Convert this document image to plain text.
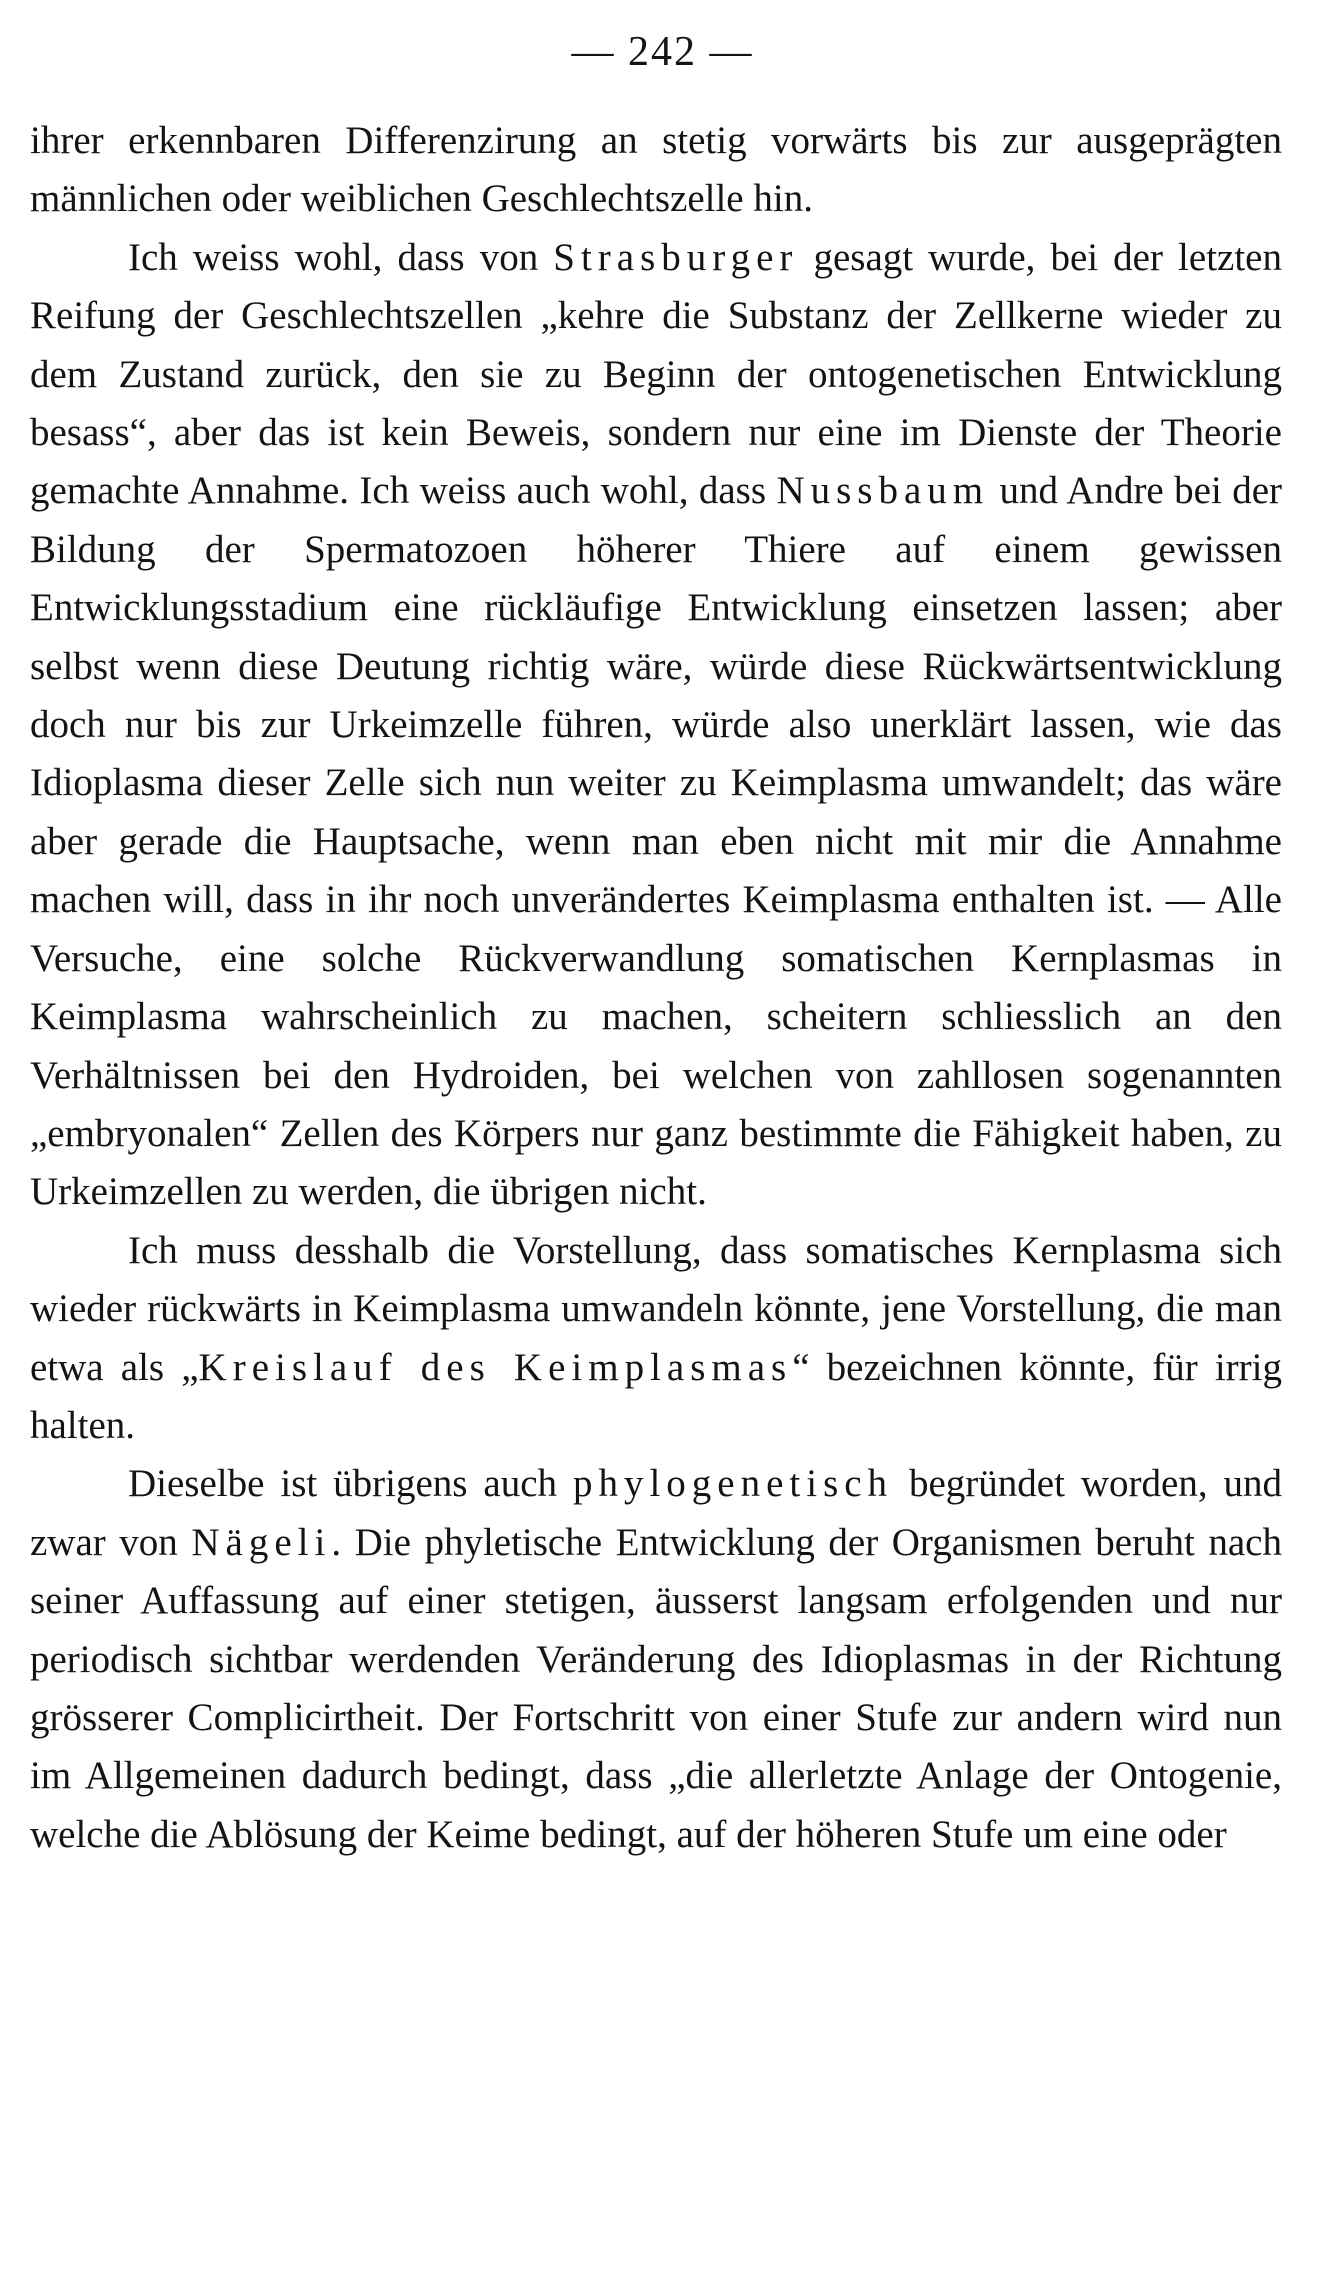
— 242 —

ihrer erkennbaren Differenzirung an stetig vorwärts bis zur ausgeprägten männlichen oder weiblichen Geschlechtszelle hin.

Ich weiss wohl, dass von Strasburger gesagt wurde, bei der letzten Reifung der Geschlechtszellen „kehre die Substanz der Zellkerne wieder zu dem Zustand zurück, den sie zu Beginn der ontogenetischen Entwicklung besass“, aber das ist kein Beweis, sondern nur eine im Dienste der Theorie gemachte Annahme. Ich weiss auch wohl, dass Nussbaum und Andre bei der Bildung der Spermatozoen höherer Thiere auf einem gewissen Entwicklungsstadium eine rückläufige Entwicklung einsetzen lassen; aber selbst wenn diese Deutung richtig wäre, würde diese Rückwärtsentwicklung doch nur bis zur Urkeimzelle führen, würde also unerklärt lassen, wie das Idioplasma dieser Zelle sich nun weiter zu Keimplasma umwandelt; das wäre aber gerade die Hauptsache, wenn man eben nicht mit mir die Annahme machen will, dass in ihr noch unverändertes Keimplasma enthalten ist. — Alle Versuche, eine solche Rückverwandlung somatischen Kernplasmas in Keimplasma wahrscheinlich zu machen, scheitern schliesslich an den Verhältnissen bei den Hydroiden, bei welchen von zahllosen sogenannten „embryonalen“ Zellen des Körpers nur ganz bestimmte die Fähigkeit haben, zu Urkeimzellen zu werden, die übrigen nicht.

Ich muss desshalb die Vorstellung, dass somatisches Kernplasma sich wieder rückwärts in Keimplasma umwandeln könnte, jene Vorstellung, die man etwa als „Kreislauf des Keimplasmas“ bezeichnen könnte, für irrig halten.

Dieselbe ist übrigens auch phylogenetisch begründet worden, und zwar von Nägeli. Die phyletische Entwicklung der Organismen beruht nach seiner Auffassung auf einer stetigen, äusserst langsam erfolgenden und nur periodisch sichtbar werdenden Veränderung des Idioplasmas in der Richtung grösserer Complicirtheit. Der Fortschritt von einer Stufe zur andern wird nun im Allgemeinen dadurch bedingt, dass „die allerletzte Anlage der Ontogenie, welche die Ablösung der Keime bedingt, auf der höheren Stufe um eine oder
